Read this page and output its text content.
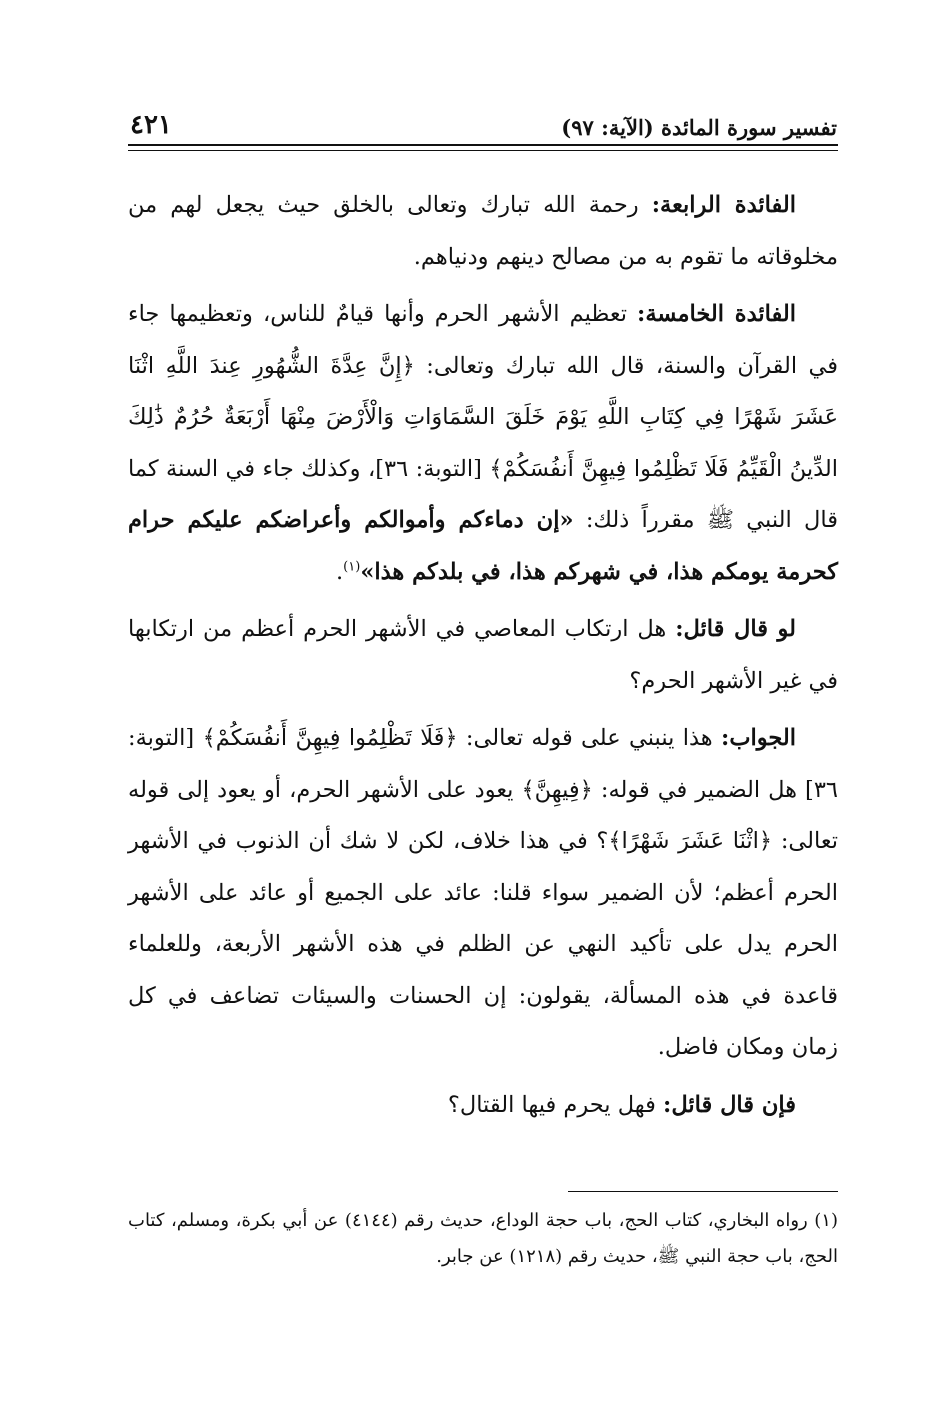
تفسير سورة المائدة (الآية: ٩٧)
٤٢١

الفائدة الرابعة: رحمة الله تبارك وتعالى بالخلق حيث يجعل لهم من مخلوقاته ما تقوم به من مصالح دينهم ودنياهم.

الفائدة الخامسة: تعظيم الأشهر الحرم وأنها قيامٌ للناس، وتعظيمها جاء في القرآن والسنة، قال الله تبارك وتعالى: ﴿إِنَّ عِدَّةَ الشُّهُورِ عِندَ اللَّهِ اثْنَا عَشَرَ شَهْرًا فِي كِتَابِ اللَّهِ يَوْمَ خَلَقَ السَّمَاوَاتِ وَالْأَرْضَ مِنْهَا أَرْبَعَةٌ حُرُمٌ ذَٰلِكَ الدِّينُ الْقَيِّمُ فَلَا تَظْلِمُوا فِيهِنَّ أَنفُسَكُمْ﴾ [التوبة: ٣٦]، وكذلك جاء في السنة كما قال النبي ﷺ مقرراً ذلك: «إن دماءكم وأموالكم وأعراضكم عليكم حرام كحرمة يومكم هذا، في شهركم هذا، في بلدكم هذا»$^{(١)}$.

لو قال قائل: هل ارتكاب المعاصي في الأشهر الحرم أعظم من ارتكابها في غير الأشهر الحرم؟

الجواب: هذا ينبني على قوله تعالى: ﴿فَلَا تَظْلِمُوا فِيهِنَّ أَنفُسَكُمْ﴾ [التوبة: ٣٦] هل الضمير في قوله: ﴿فِيهِنَّ﴾ يعود على الأشهر الحرم، أو يعود إلى قوله تعالى: ﴿اثْنَا عَشَرَ شَهْرًا﴾؟ في هذا خلاف، لكن لا شك أن الذنوب في الأشهر الحرم أعظم؛ لأن الضمير سواء قلنا: عائد على الجميع أو عائد على الأشهر الحرم يدل على تأكيد النهي عن الظلم في هذه الأشهر الأربعة، وللعلماء قاعدة في هذه المسألة، يقولون: إن الحسنات والسيئات تضاعف في كل زمان ومكان فاضل.

فإن قال قائل: فهل يحرم فيها القتال؟

(١) رواه البخاري، كتاب الحج، باب حجة الوداع، حديث رقم (٤١٤٤) عن أبي بكرة، ومسلم، كتاب الحج، باب حجة النبي ﷺ، حديث رقم (١٢١٨) عن جابر.
